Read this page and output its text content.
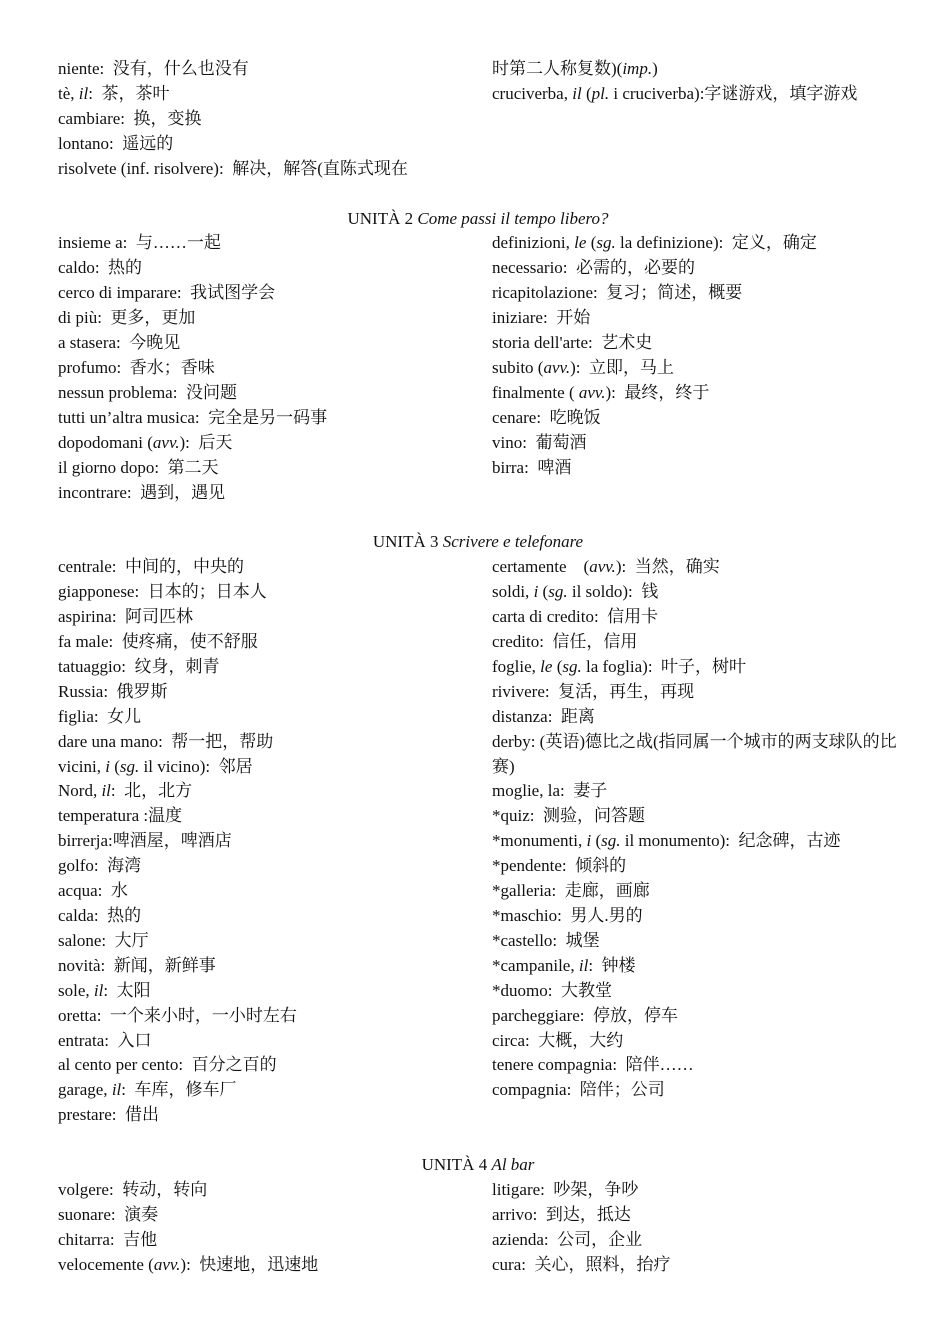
niente:  没有，什么也没有
tè, il:  茶，茶叶
cambiare:  换，变换
lontano:  遥远的
risolvete (inf. risolvere):  解决，解答(直陈式现在
时第二人称复数)(imp.)
cruciverba, il (pl. i cruciverba):字谜游戏，填字游戏
UNITÀ 2 Come passi il tempo libero?
insieme a:  与……一起
caldo:  热的
cerco di imparare:  我试图学会
di più:  更多，更加
a stasera:  今晚见
profumo:  香水；香味
nessun problema:  没问题
tutti un’altra musica:  完全是另一码事
dopodomani (avv.):  后天
il giorno dopo:  第二天
incontrare:  遇到，遇见
definizioni, le (sg. la definizione):  定义，确定
necessario:  必需的，必要的
ricapitolazione:  复习；简述，概要
iniziare:  开始
storia dell'arte:  艺术史
subito (avv.):  立即，马上
finalmente ( avv.):  最终，终于
cenare:  吃晚饭
vino:  葡萄酒
birra:  啤酒
UNITÀ 3 Scrivere e telefonare
centrale:  中间的，中央的
giapponese:  日本的；日本人
aspirina:  阿司匹林
fa male:  使疼痛，使不舒服
tatuaggio:  纹身，刺青
Russia:  俄罗斯
figlia:  女儿
dare una mano:  帮一把，帮助
vicini, i (sg. il vicino):  邻居
Nord, il:  北，北方
temperatura :温度
birrerja:啤酒屋，啤酒店
golfo:  海湾
acqua:  水
calda:  热的
salone:  大厅
novità:  新闻，新鲜事
sole, il:  太阳
oretta:  一个来小时，一小时左右
entrata:  入口
al cento per cento:  百分之百的
garage, il:  车库，修车厂
prestare:  借出
certamente    (avv.):  当然，确实
soldi, i (sg. il soldo):  钱
carta di credito:  信用卡
credito:  信任，信用
foglie, le (sg. la foglia):  叶子，树叶
rivivere:  复活，再生，再现
distanza:  距离
derby: (英语)德比之战(指同属一个城市的两支球队的比赛)
moglie, la:  妻子
*quiz:  测验，问答题
*monumenti, i (sg. il monumento):  纪念碑，古迹
*pendente:  倾斜的
*galleria:  走廊，画廊
*maschio:  男人.男的
*castello:  城堡
*campanile, il:  钟楼
*duomo:  大教堂
parcheggiare:  停放，停车
circa:  大概，大约
tenere compagnia:  陪伴……
compagnia:  陪伴；公司
UNITÀ 4 Al bar
volgere:  转动，转向
suonare:  演奏
chitarra:  吉他
velocemente (avv.):  快速地，迅速地
litigare:  吵架，争吵
arrivo:  到达，抵达
azienda:  公司，企业
cura:  关心，照料，抬疗
